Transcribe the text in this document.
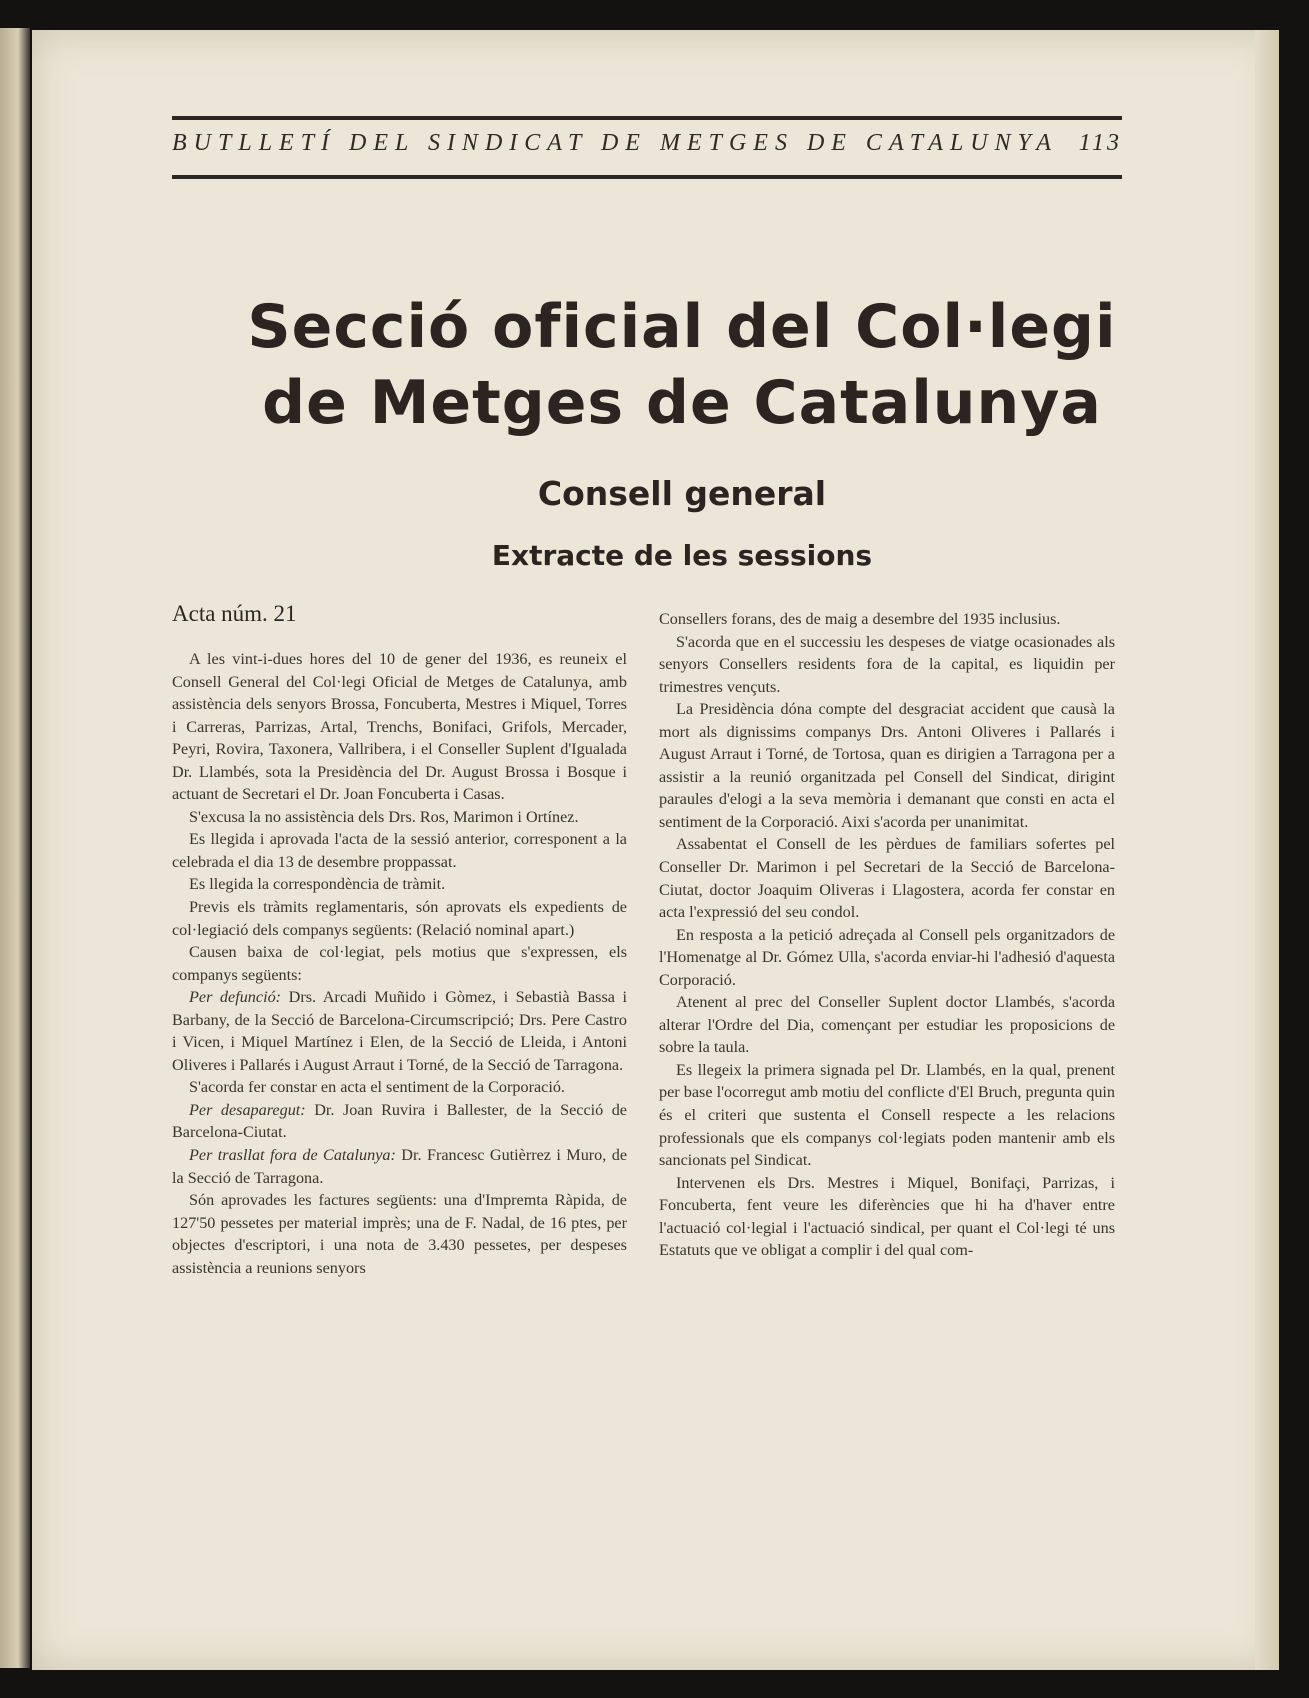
BUTLLETÍ DEL SINDICAT DE METGES DE CATALUNYA 113
Secció oficial del Col·legi
de Metges de Catalunya
Consell general
Extracte de les sessions
Acta núm. 21

A les vint-i-dues hores del 10 de gener del 1936, es reuneix el Consell General del Col·legi Oficial de Metges de Catalunya, amb assistència dels senyors Brossa, Foncuberta, Mestres i Miquel, Torres i Carreras, Parrizas, Artal, Trenchs, Bonifaci, Grifols, Mercader, Peyri, Rovira, Taxonera, Vallribera, i el Conseller Suplent d'Igualada Dr. Llambés, sota la Presidència del Dr. August Brossa i Bosque i actuant de Secretari el Dr. Joan Foncuberta i Casas.

S'excusa la no assistència dels Drs. Ros, Marimon i Ortínez.

Es llegida i aprovada l'acta de la sessió anterior, corresponent a la celebrada el dia 13 de desembre proppassat.

Es llegida la correspondència de tràmit.

Previs els tràmits reglamentaris, són aprovats els expedients de col·legiació dels companys següents: (Relació nominal apart.)

Causen baixa de col·legiat, pels motius que s'expressen, els companys següents:

Per defunció: Drs. Arcadi Muñido i Gòmez, i Sebastià Bassa i Barbany, de la Secció de Barcelona-Circumscripció; Drs. Pere Castro i Vicen, i Miquel Martínez i Elen, de la Secció de Lleida, i Antoni Oliveres i Pallarés i August Arraut i Torné, de la Secció de Tarragona.

S'acorda fer constar en acta el sentiment de la Corporació.

Per desaparegut: Dr. Joan Ruvira i Ballester, de la Secció de Barcelona-Ciutat.

Per trasllat fora de Catalunya: Dr. Francesc Gutièrrez i Muro, de la Secció de Tarragona.

Són aprovades les factures següents: una d'Impremta Ràpida, de 127'50 pessetes per material imprès; una de F. Nadal, de 16 ptes, per objectes d'escriptori, i una nota de 3.430 pessetes, per despeses assistència a reunions senyors

Consellers forans, des de maig a desembre del 1935 inclusius.

S'acorda que en el successiu les despeses de viatge ocasionades als senyors Consellers residents fora de la capital, es liquidin per trimestres vençuts.

La Presidència dóna compte del desgraciat accident que causà la mort als dignissims companys Drs. Antoni Oliveres i Pallarés i August Arraut i Torné, de Tortosa, quan es dirigien a Tarragona per a assistir a la reunió organitzada pel Consell del Sindicat, dirigint paraules d'elogi a la seva memòria i demanant que consti en acta el sentiment de la Corporació. Aixi s'acorda per unanimitat.

Assabentat el Consell de les pèrdues de familiars sofertes pel Conseller Dr. Marimon i pel Secretari de la Secció de Barcelona-Ciutat, doctor Joaquim Oliveras i Llagostera, acorda fer constar en acta l'expressió del seu condol.

En resposta a la petició adreçada al Consell pels organitzadors de l'Homenatge al Dr. Gómez Ulla, s'acorda enviar-hi l'adhesió d'aquesta Corporació.

Atenent al prec del Conseller Suplent doctor Llambés, s'acorda alterar l'Ordre del Dia, començant per estudiar les proposicions de sobre la taula.

Es llegeix la primera signada pel Dr. Llambés, en la qual, prenent per base l'ocorregut amb motiu del conflicte d'El Bruch, pregunta quin és el criteri que sustenta el Consell respecte a les relacions professionals que els companys col·legiats poden mantenir amb els sancionats pel Sindicat.

Intervenen els Drs. Mestres i Miquel, Bonifaçi, Parrizas, i Foncuberta, fent veure les diferències que hi ha d'haver entre l'actuació col·legial i l'actuació sindical, per quant el Col·legi té uns Estatuts que ve obligat a complir i del qual com-
